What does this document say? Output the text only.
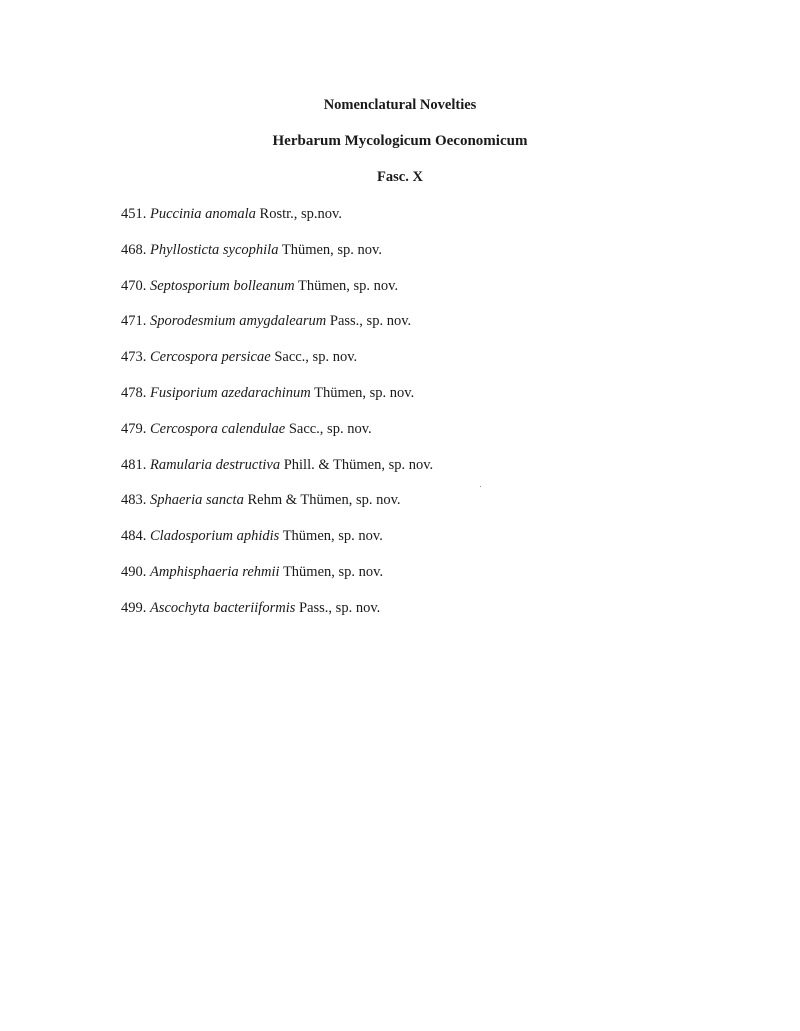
Nomenclatural Novelties
Herbarum Mycologicum Oeconomicum
Fasc. X
451. Puccinia anomala Rostr., sp.nov.
468. Phyllosticta sycophila Thümen, sp. nov.
470. Septosporium bolleanum Thümen, sp. nov.
471. Sporodesmium amygdalearum Pass., sp. nov.
473. Cercospora persicae Sacc., sp. nov.
478. Fusiporium azedarachinum Thümen, sp. nov.
479. Cercospora calendulae Sacc., sp. nov.
481. Ramularia destructiva Phill. & Thümen, sp. nov.
483. Sphaeria sancta Rehm & Thümen, sp. nov.
484. Cladosporium aphidis Thümen, sp. nov.
490. Amphisphaeria rehmii Thümen, sp. nov.
499. Ascochyta bacteriiformis Pass., sp. nov.
